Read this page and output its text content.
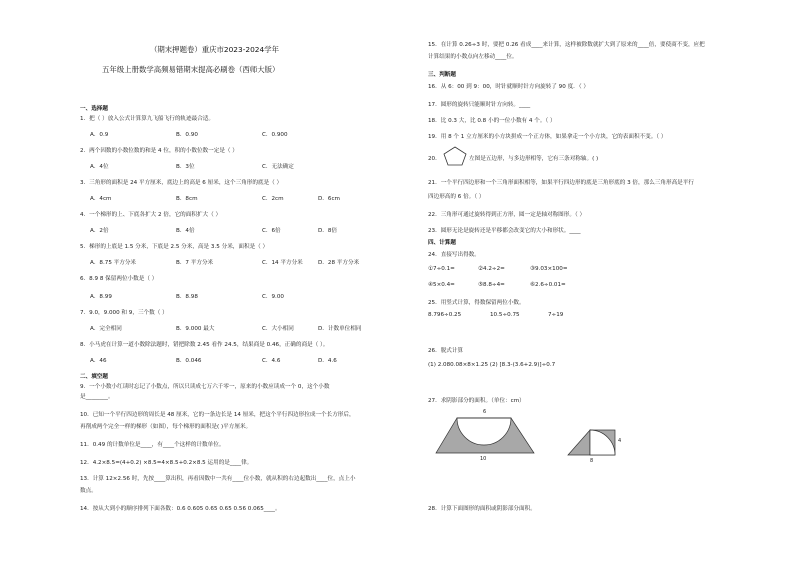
（期末押题卷）重庆市2023-2024学年
五年级上册数学高频易错期末提高必刷卷（西师大版）
一、选择题
1．把（ ）放入公式计算算九飞船飞行的轨迹最合适。
A．0.9	B．0.90	C．0.900
2．两个因数的小数位数的和是 4 位，积的小数位数一定是（ ）
A．4位	B．3位	C．无法确定
3．三角形的面积是 24 平方厘米，底边上的高是 6 厘米，这个三角形的底是（ ）
A．4cm	B．8cm	C．2cm	D．6cm
4．一个梯形的上、下底各扩大 2 倍，它的面积扩大（ ）
A．2倍	B．4倍	C．6倍	D．8倍
5．梯形的上底是 1.5 分米，下底是 2.5 分米，高是 3.5 分米，面积是（ ）
A．8.75 平方分米	B．7 平方分米	C．14 平方分米	D．28 平方分米
6．8.9̇ 8̇ 保留两位小数是（ ）
A．8.99	B．8.98	C．9.00
7．9.0，9.000 和 9，三个数（ ）
A．完全相同	B．9.000 最大	C．大小相同	D．计数单位相同
8．小马虎在计算一道小数除法题时，错把除数 2.45 看作 24.5，结果商是 0.46，正确的商是（ ）。
A．46	B．0.046	C．4.6	D．4.6
二、填空题
9．一个小数小红读时忘记了小数点，所以只读成七万六千零一，原来的小数应读成一个 0，这个小数
是________。
10．已知一个平行四边形的周长是 48 厘米，它的一条边长是 14 厘米，把这个平行四边形拉成一个长方形后，
再削成两个完全一样的梯形（如图），每个梯形的面积是( )平方厘米。
11．0.49 的计数单位是____，有____个这样的计数单位。
12．4.2×8.5=(4+0.2) ×8.5=4×8.5+0.2×8.5 运用的是____律。
13．计算 12×2.56 时，先按____算出积，再看因数中一共有____位小数，就从积的右边起数出____位，点上小
数点。
14．按从大到小的顺序排列下面各数：0.6 0.605 0.65 0.65 0.56 0.065____。
15．在计算 0.26÷3 时，要把 0.26 看成____来计算，这样被除数就扩大到了原来的____倍，要使商不变，应把
计算结果的小数点向左移动____位。
三、判断题
16．从 6：00 到 9：00，时针就顺时针方向旋转了 90 度．（ ）
17．圆形的旋转只能顺时针方向转。____
18．比 0.3 大，比 0.8 小的一位小数有 4 个。（ ）
19．用 8 个 1 立方厘米的小方块拼成一个正方体，如果拿走一个小方块，它的表面积不变。（ ）
20．	左图是五边形，与多边形相等，它有三条对称轴。( )
21．一个平行四边形和一个三角形面积相等，如果平行四边形的底是三角形底的 3 倍，那么三角形高是平行
四边形高的 6 倍。（ ）
22．三角形可通过旋转得到正方形，圆一定是轴对称图形。（ ）
23．圆形无论是旋转还是平移都会改变它的大小和形状。____
四、计算题
24．直接写出得数。
①7÷0.1=	②4.2÷2=	③9.03×100=
④5×0.4=	⑤8.8÷4=	⑥2.6÷0.01=
25．用竖式计算，得数保留两位小数。
8.796÷0.25	10.5÷0.75	7÷19
26．脱式计算
(1) 2.080.08×8×1.25 (2) [8.3-(3.6+2.9)]÷0.7
27．求阴影部分的面积。（单位：cm）
6
10
4
8
28．计算下面图形的面积或阴影部分面积。
